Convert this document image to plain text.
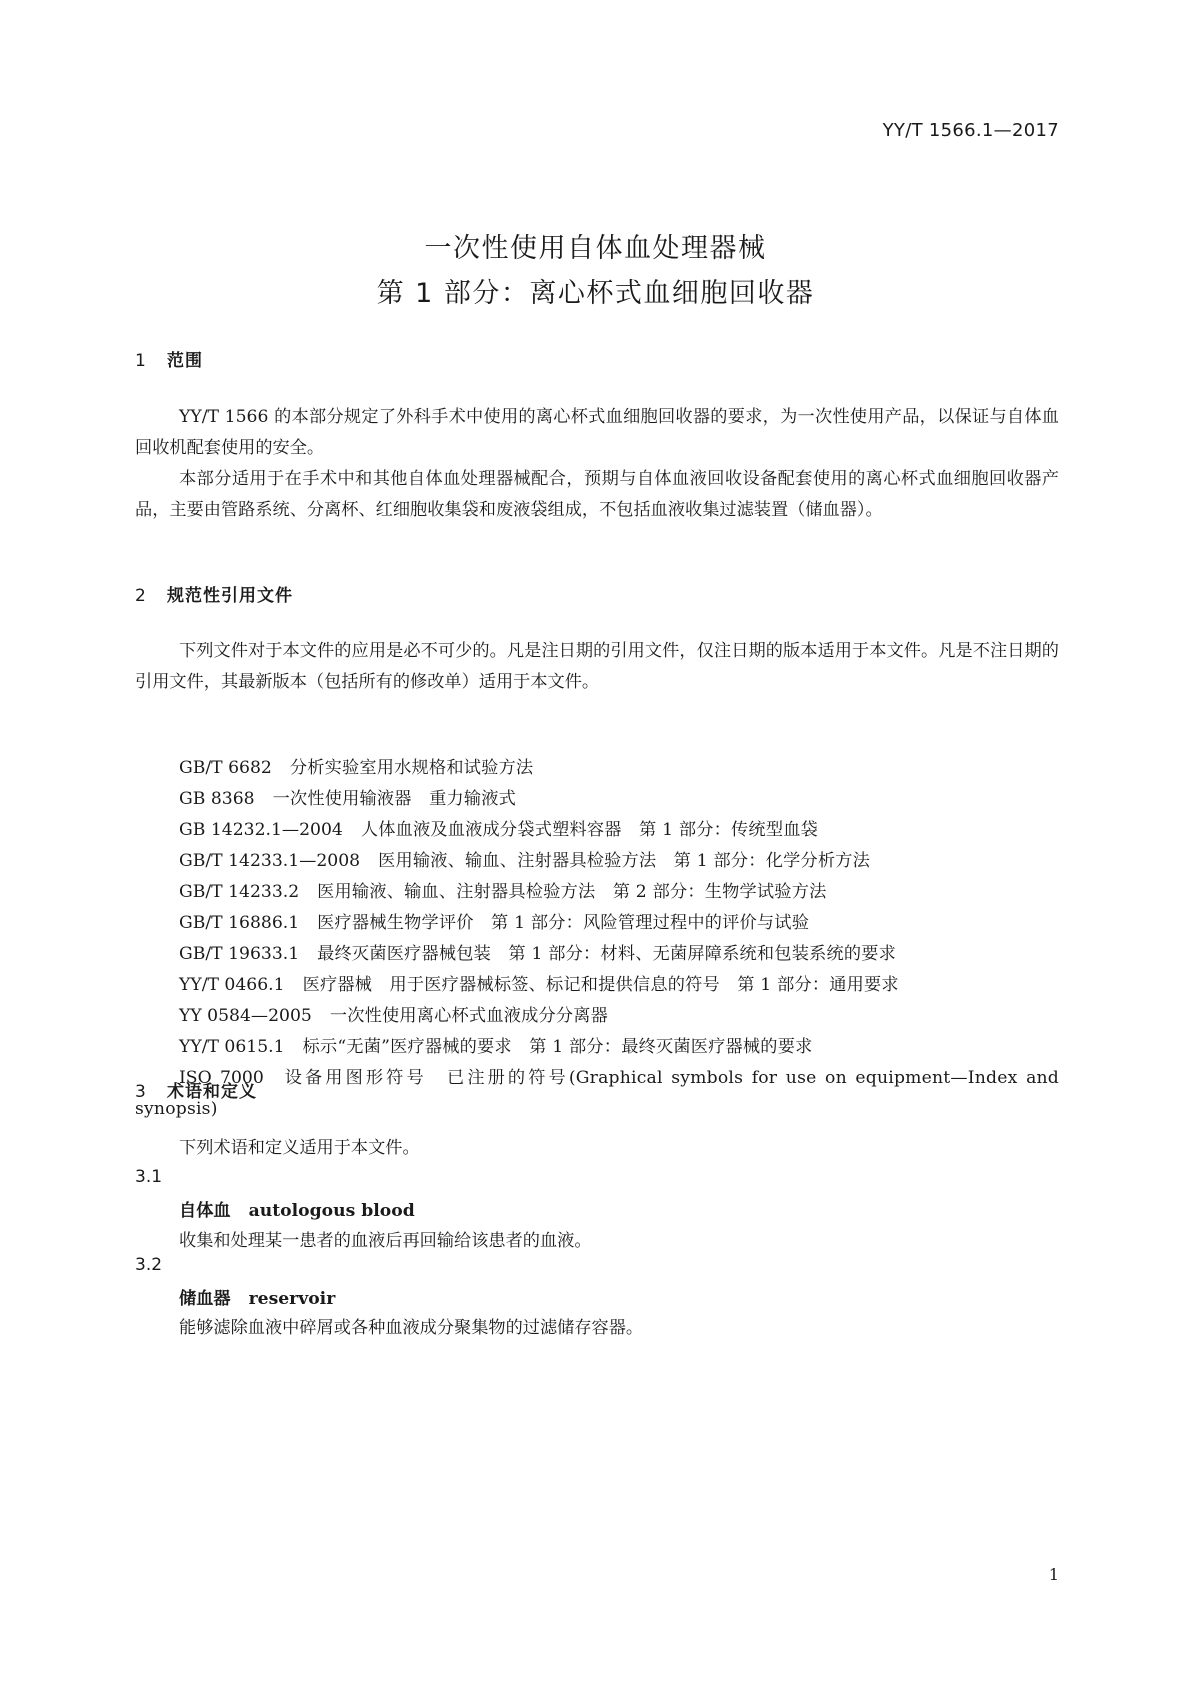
YY/T 1566.1—2017
一次性使用自体血处理器械
第 1 部分：离心杯式血细胞回收器
1 范围

YY/T 1566 的本部分规定了外科手术中使用的离心杯式血细胞回收器的要求，为一次性使用产品，以保证与自体血回收机配套使用的安全。

本部分适用于在手术中和其他自体血处理器械配合，预期与自体血液回收设备配套使用的离心杯式血细胞回收器产品，主要由管路系统、分离杯、红细胞收集袋和废液袋组成，不包括血液收集过滤装置（储血器）。

2 规范性引用文件

下列文件对于本文件的应用是必不可少的。凡是注日期的引用文件，仅注日期的版本适用于本文件。凡是不注日期的引用文件，其最新版本（包括所有的修改单）适用于本文件。

GB/T 6682 分析实验室用水规格和试验方法
GB 8368 一次性使用输液器　重力输液式
GB 14232.1—2004 人体血液及血液成分袋式塑料容器　第 1 部分：传统型血袋
GB/T 14233.1—2008 医用输液、输血、注射器具检验方法　第 1 部分：化学分析方法
GB/T 14233.2 医用输液、输血、注射器具检验方法　第 2 部分：生物学试验方法
GB/T 16886.1 医疗器械生物学评价　第 1 部分：风险管理过程中的评价与试验
GB/T 19633.1 最终灭菌医疗器械包装　第 1 部分：材料、无菌屏障系统和包装系统的要求
YY/T 0466.1 医疗器械　用于医疗器械标签、标记和提供信息的符号　第 1 部分：通用要求
YY 0584—2005 一次性使用离心杯式血液成分分离器
YY/T 0615.1 标示“无菌”医疗器械的要求　第 1 部分：最终灭菌医疗器械的要求
ISO 7000 设备用图形符号　已注册的符号(Graphical symbols for use on equipment—Index and synopsis)
3 术语和定义

下列术语和定义适用于本文件。

3.1
自体血 autologous blood
收集和处理某一患者的血液后再回输给该患者的血液。
3.2
储血器 reservoir
能够滤除血液中碎屑或各种血液成分聚集物的过滤储存容器。
1
